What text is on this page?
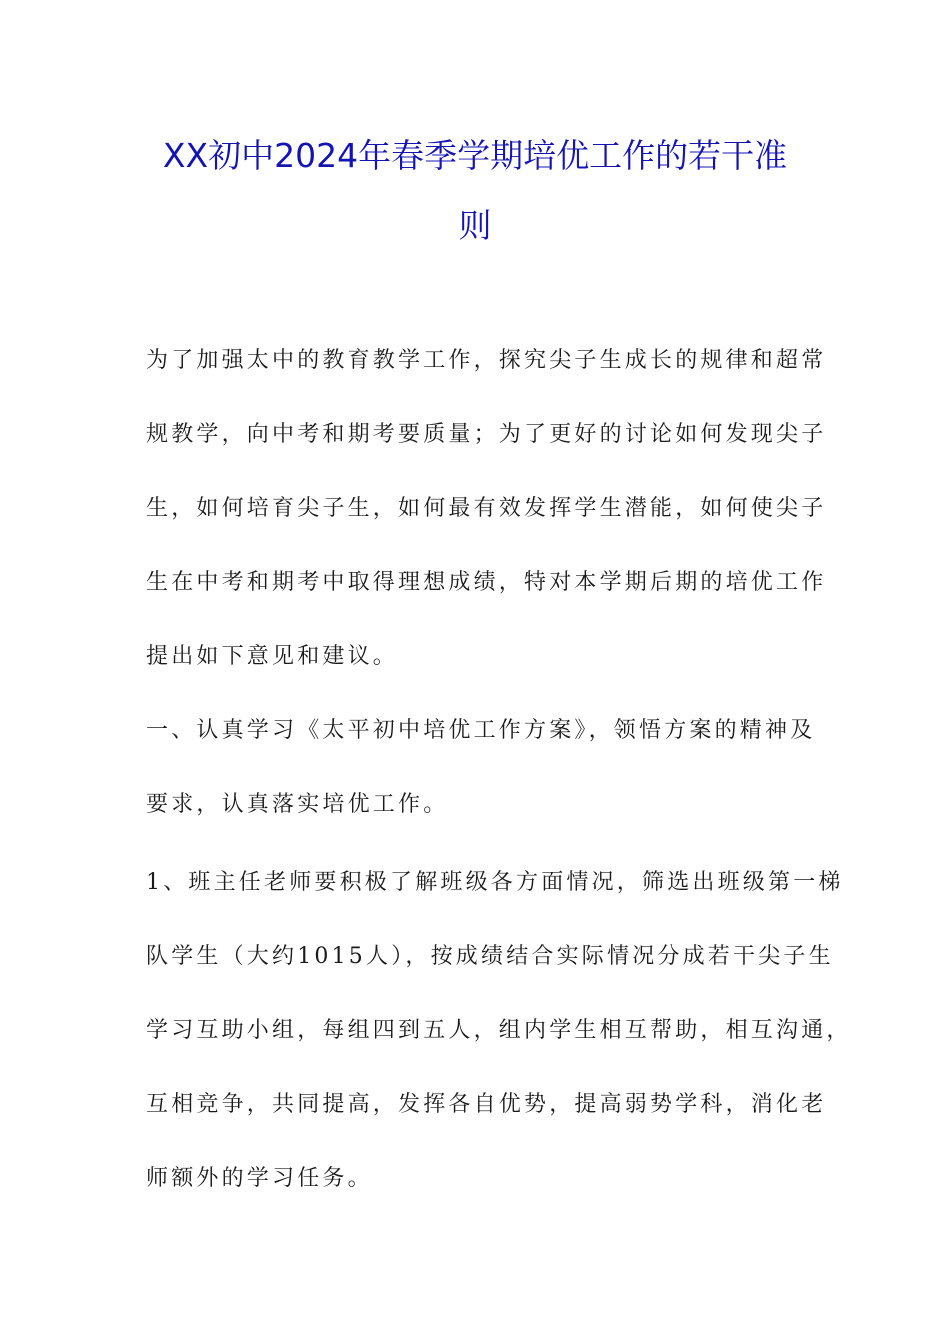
XX初中2024年春季学期培优工作的若干准
则
为了加强太中的教育教学工作，探究尖子生成长的规律和超常
规教学，向中考和期考要质量；为了更好的讨论如何发现尖子
生，如何培育尖子生，如何最有效发挥学生潜能，如何使尖子
生在中考和期考中取得理想成绩，特对本学期后期的培优工作
提出如下意见和建议。
一、认真学习《太平初中培优工作方案》，领悟方案的精神及
要求，认真落实培优工作。
1、班主任老师要积极了解班级各方面情况，筛选出班级第一梯
队学生（大约1015人），按成绩结合实际情况分成若干尖子生
学习互助小组，每组四到五人，组内学生相互帮助，相互沟通，
互相竞争，共同提高，发挥各自优势，提高弱势学科，消化老
师额外的学习任务。
